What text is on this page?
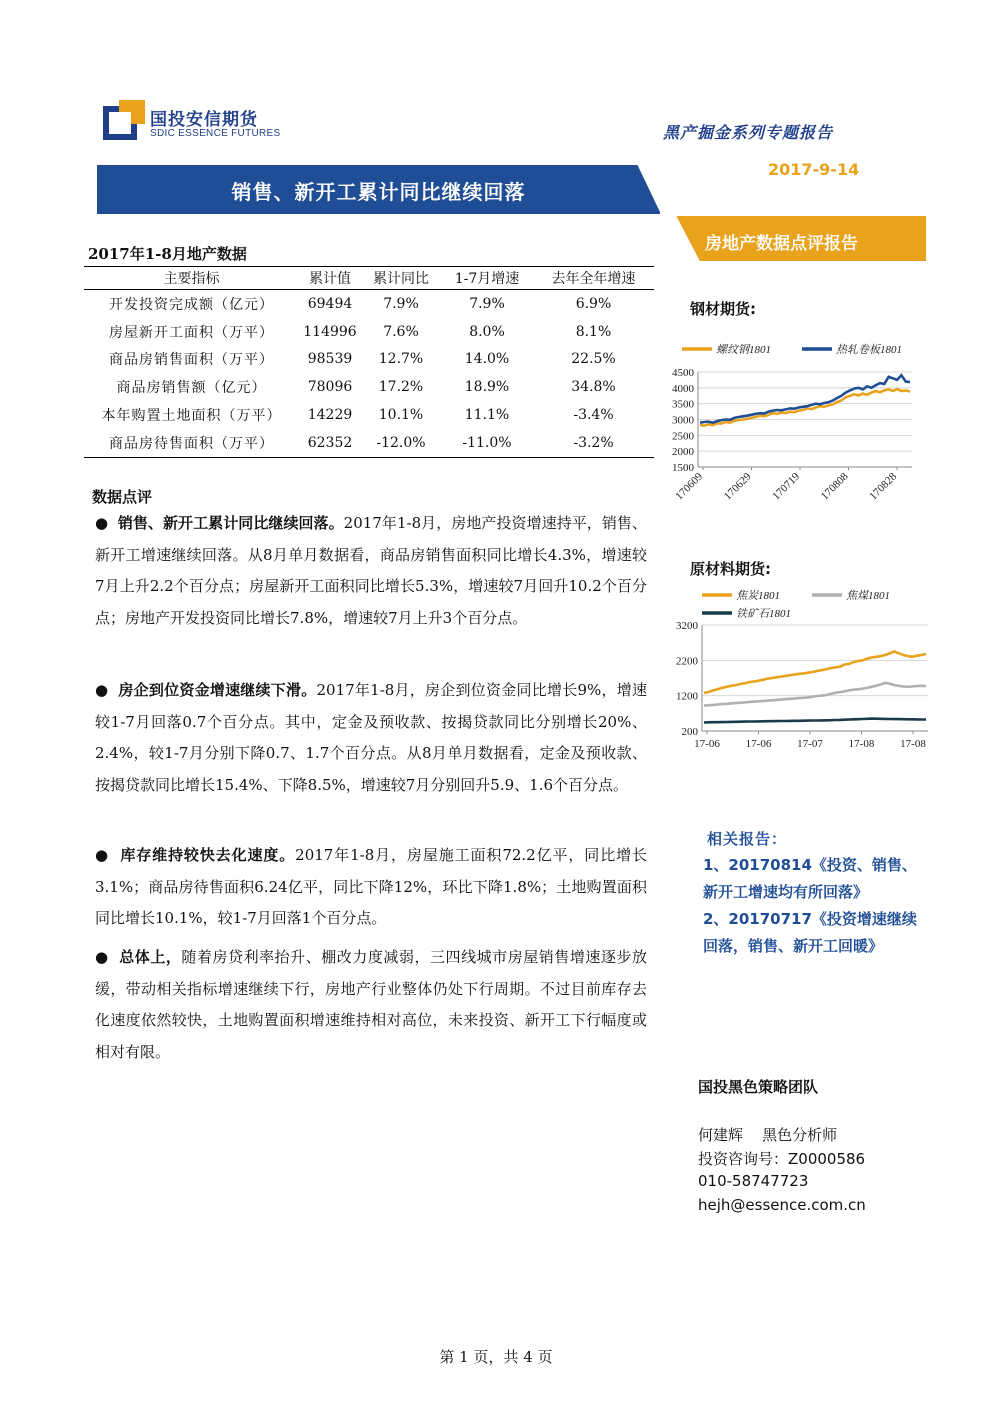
国投安信期货
SDIC ESSENCE FUTURES	黑产掘金系列专题报告
2017-9-14
销售、新开工累计同比继续回落
房地产数据点评报告
2017年1-8月地产数据
主要指标	累计值	累计同比	1-7月增速	去年全年增速
开发投资完成额（亿元）	69494	7.9%	7.9%	6.9%
房屋新开工面积（万平）	114996	7.6%	8.0%	8.1%
商品房销售面积（万平）	98539	12.7%	14.0%	22.5%
商品房销售额（亿元）	78096	17.2%	18.9%	34.8%
本年购置土地面积（万平）	14229	10.1%	11.1%	-3.4%
商品房待售面积（万平）	62352	-12.0%	-11.0%	-3.2%
数据点评
● 销售、新开工累计同比继续回落。2017年1-8月，房地产投资增速持平，销售、新开工增速继续回落。从8月单月数据看，商品房销售面积同比增长4.3%，增速较7月上升2.2个百分点；房屋新开工面积同比增长5.3%，增速较7月回升10.2个百分点；房地产开发投资同比增长7.8%，增速较7月上升3个百分点。
● 房企到位资金增速继续下滑。2017年1-8月，房企到位资金同比增长9%，增速较1-7月回落0.7个百分点。其中，定金及预收款、按揭贷款同比分别增长20%、2.4%，较1-7月分别下降0.7、1.7个百分点。从8月单月数据看，定金及预收款、按揭贷款同比增长15.4%、下降8.5%，增速较7月分别回升5.9、1.6个百分点。
● 库存维持较快去化速度。2017年1-8月，房屋施工面积72.2亿平，同比增长3.1%；商品房待售面积6.24亿平，同比下降12%，环比下降1.8%；土地购置面积同比增长10.1%，较1-7月回落1个百分点。
● 总体上，随着房贷利率抬升、棚改力度减弱，三四线城市房屋销售增速逐步放缓，带动相关指标增速继续下行，房地产行业整体仍处下行周期。不过目前库存去化速度依然较快，土地购置面积增速维持相对高位，未来投资、新开工下行幅度或相对有限。
钢材期货:
1500
2000
2500
3000
3500
4000
4500
170609 170629 170719 170808 170828
螺纹钢1801	热轧卷板1801
原材料期货:
200
1200
2200
3200
17-06 17-06 17-07 17-08 17-08
焦炭1801	焦煤1801
铁矿石1801
相关报告：
1、20170814《投资、销售、新开工增速均有所回落》
2、20170717《投资增速继续回落，销售、新开工回暖》
国投黑色策略团队
何建辉    黑色分析师
投资咨询号：Z0000586
010-58747723
hejh@essence.com.cn
第 1 页，共 4 页
